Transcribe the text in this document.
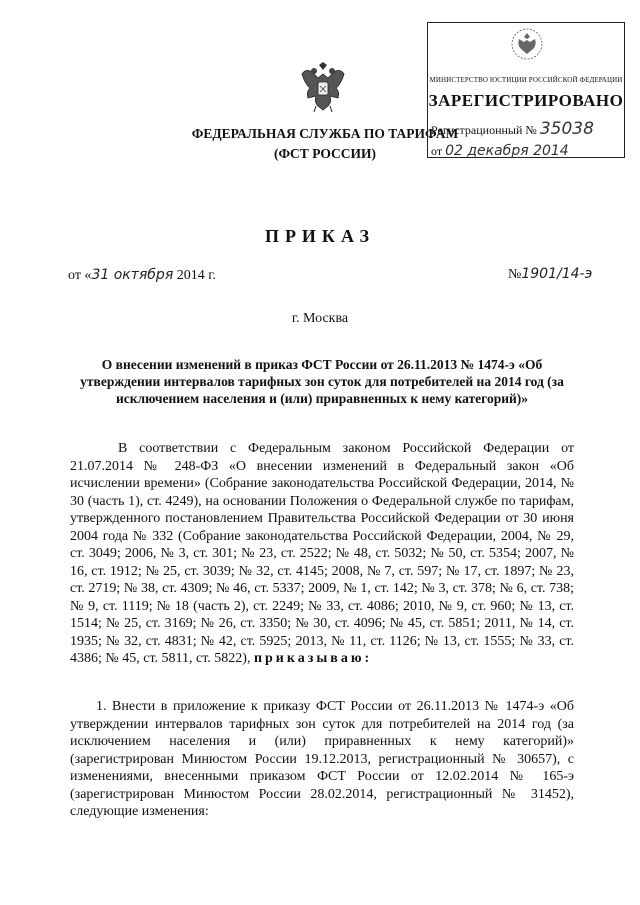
ФЕДЕРАЛЬНАЯ СЛУЖБА ПО ТАРИФАМ
(ФСТ РОССИИ)
МИНИСТЕРСТВО ЮСТИЦИИ РОССИЙСКОЙ ФЕДЕРАЦИИ
ЗАРЕГИСТРИРОВАНО
Регистрационный № 35038
от 02 декабря 2014
ПРИКАЗ
от «31 октября 2014 г.	№1901/14-э
г. Москва
О внесении изменений в приказ ФСТ России от 26.11.2013 № 1474-э «Об утверждении интервалов тарифных зон суток для потребителей на 2014 год (за исключением населения и (или) приравненных к нему категорий)»
В соответствии с Федеральным законом Российской Федерации от 21.07.2014 № 248-ФЗ «О внесении изменений в Федеральный закон «Об исчислении времени» (Собрание законодательства Российской Федерации, 2014, № 30 (часть 1), ст. 4249), на основании Положения о Федеральной службе по тарифам, утвержденного постановлением Правительства Российской Федерации от 30 июня 2004 года № 332 (Собрание законодательства Российской Федерации, 2004, № 29, ст. 3049; 2006, № 3, ст. 301; № 23, ст. 2522; № 48, ст. 5032; № 50, ст. 5354; 2007, № 16, ст. 1912; № 25, ст. 3039; № 32, ст. 4145; 2008, № 7, ст. 597; № 17, ст. 1897; № 23, ст. 2719; № 38, ст. 4309; № 46, ст. 5337; 2009, № 1, ст. 142; № 3, ст. 378; № 6, ст. 738; № 9, ст. 1119; № 18 (часть 2), ст. 2249; № 33, ст. 4086; 2010, № 9, ст. 960; № 13, ст. 1514; № 25, ст. 3169; № 26, ст. 3350; № 30, ст. 4096; № 45, ст. 5851; 2011, № 14, ст. 1935; № 32, ст. 4831; № 42, ст. 5925; 2013, № 11, ст. 1126; № 13, ст. 1555; № 33, ст. 4386; № 45, ст. 5811, ст. 5822), приказываю:
1. Внести в приложение к приказу ФСТ России от 26.11.2013 № 1474-э «Об утверждении интервалов тарифных зон суток для потребителей на 2014 год (за исключением населения и (или) приравненных к нему категорий)» (зарегистрирован Минюстом России 19.12.2013, регистрационный № 30657), с изменениями, внесенными приказом ФСТ России от 12.02.2014 № 165-э (зарегистрирован Минюстом России 28.02.2014, регистрационный № 31452), следующие изменения:
